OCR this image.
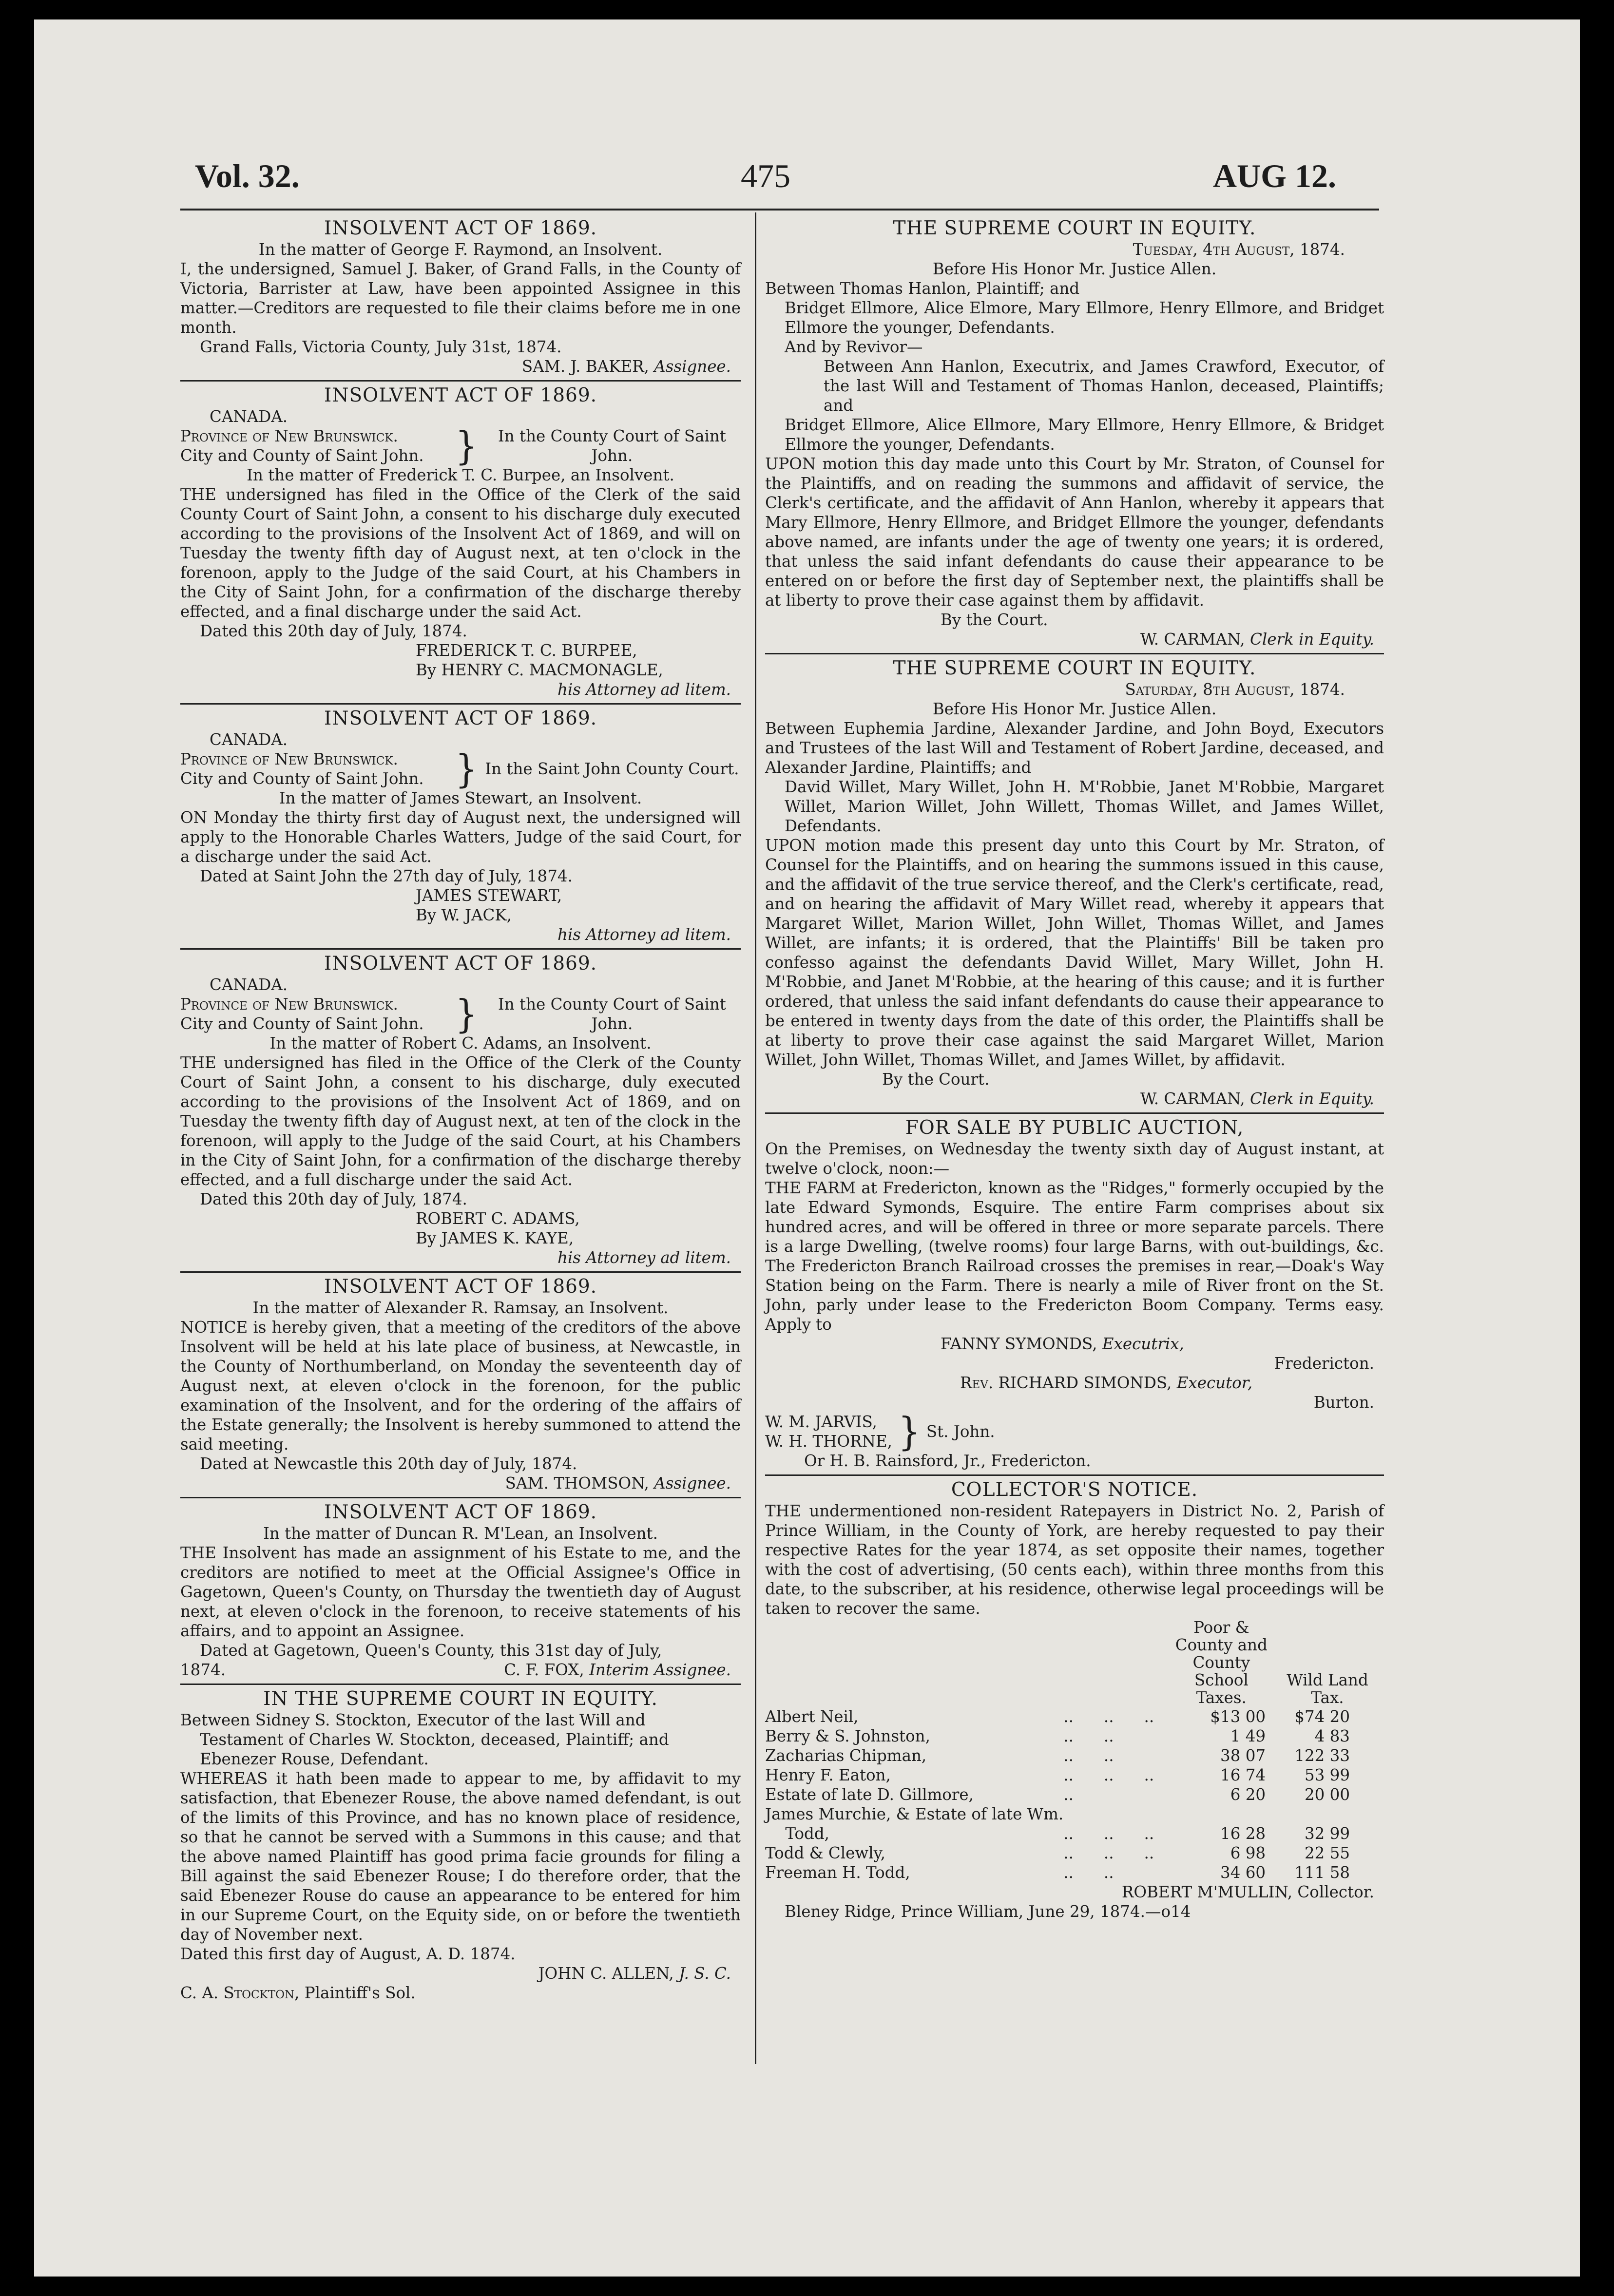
Vol. 32.	475	AUG 12.
INSOLVENT ACT OF 1869.
In the matter of George F. Raymond, an Insolvent.

I, the undersigned, Samuel J. Baker, of Grand Falls, in the County of Victoria, Barrister at Law, have been appointed Assignee in this matter.—Creditors are requested to file their claims before me in one month.

Grand Falls, Victoria County, July 31st, 1874.
SAM. J. BAKER, Assignee.
INSOLVENT ACT OF 1869.
CANADA.
Province of New Brunswick.
City and County of Saint John. }	In the County Court of Saint John.
In the matter of Frederick T. C. Burpee, an Insolvent.

THE undersigned has filed in the Office of the Clerk of the said County Court of Saint John, a consent to his discharge duly executed according to the provisions of the Insolvent Act of 1869, and will on Tuesday the twenty fifth day of August next, at ten o'clock in the forenoon, apply to the Judge of the said Court, at his Chambers in the City of Saint John, for a confirmation of the discharge thereby effected, and a final discharge under the said Act.

Dated this 20th day of July, 1874.
FREDERICK T. C. BURPEE,
By HENRY C. MACMONAGLE,
his Attorney ad litem.
INSOLVENT ACT OF 1869.
CANADA.
Province of New Brunswick.
City and County of Saint John. } In the Saint John County Court.
In the matter of James Stewart, an Insolvent.

ON Monday the thirty first day of August next, the undersigned will apply to the Honorable Charles Watters, Judge of the said Court, for a discharge under the said Act.

Dated at Saint John the 27th day of July, 1874.
JAMES STEWART,
By W. JACK,
his Attorney ad litem.
INSOLVENT ACT OF 1869.
CANADA.
Province of New Brunswick.
City and County of Saint John. }	In the County Court of Saint John.
In the matter of Robert C. Adams, an Insolvent.

THE undersigned has filed in the Office of the Clerk of the County Court of Saint John, a consent to his discharge, duly executed according to the provisions of the Insolvent Act of 1869, and on Tuesday the twenty fifth day of August next, at ten of the clock in the forenoon, will apply to the Judge of the said Court, at his Chambers in the City of Saint John, for a confirmation of the discharge thereby effected, and a full discharge under the said Act.

Dated this 20th day of July, 1874.
ROBERT C. ADAMS,
By JAMES K. KAYE,
his Attorney ad litem.
INSOLVENT ACT OF 1869.
In the matter of Alexander R. Ramsay, an Insolvent.

NOTICE is hereby given, that a meeting of the creditors of the above Insolvent will be held at his late place of business, at Newcastle, in the County of Northumberland, on Monday the seventeenth day of August next, at eleven o'clock in the forenoon, for the public examination of the Insolvent, and for the ordering of the affairs of the Estate generally; the Insolvent is hereby summoned to attend the said meeting.

Dated at Newcastle this 20th day of July, 1874.
SAM. THOMSON, Assignee.
INSOLVENT ACT OF 1869.
In the matter of Duncan R. M'Lean, an Insolvent.

THE Insolvent has made an assignment of his Estate to me, and the creditors are notified to meet at the Official Assignee's Office in Gagetown, Queen's County, on Thursday the twentieth day of August next, at eleven o'clock in the forenoon, to receive statements of his affairs, and to appoint an Assignee.

Dated at Gagetown, Queen's County, this 31st day of July,
1874.	C. F. FOX, Interim Assignee.
IN THE SUPREME COURT IN EQUITY.
Between Sidney S. Stockton, Executor of the last Will and
Testament of Charles W. Stockton, deceased, Plaintiff; and
Ebenezer Rouse, Defendant.

WHEREAS it hath been made to appear to me, by affidavit to my satisfaction, that Ebenezer Rouse, the above named defendant, is out of the limits of this Province, and has no known place of residence, so that he cannot be served with a Summons in this cause; and that the above named Plaintiff has good prima facie grounds for filing a Bill against the said Ebenezer Rouse; I do therefore order, that the said Ebenezer Rouse do cause an appearance to be entered for him in our Supreme Court, on the Equity side, on or before the twentieth day of November next.

Dated this first day of August, A. D. 1874.
JOHN C. ALLEN, J. S. C.
C. A. Stockton, Plaintiff's Sol.
THE SUPREME COURT IN EQUITY.
Tuesday, 4th August, 1874.
Before His Honor Mr. Justice Allen.
Between Thomas Hanlon, Plaintiff; and

Bridget Ellmore, Alice Elmore, Mary Ellmore, Henry Ellmore, and Bridget Ellmore the younger, Defendants.

And by Revivor—

Between Ann Hanlon, Executrix, and James Crawford, Executor, of the last Will and Testament of Thomas Hanlon, deceased, Plaintiffs; and

Bridget Ellmore, Alice Ellmore, Mary Ellmore, Henry Ellmore, & Bridget Ellmore the younger, Defendants.

UPON motion this day made unto this Court by Mr. Straton, of Counsel for the Plaintiffs, and on reading the summons and affidavit of service, the Clerk's certificate, and the affidavit of Ann Hanlon, whereby it appears that Mary Ellmore, Henry Ellmore, and Bridget Ellmore the younger, defendants above named, are infants under the age of twenty one years; it is ordered, that unless the said infant defendants do cause their appearance to be entered on or before the first day of September next, the plaintiffs shall be at liberty to prove their case against them by affidavit.

By the Court.
W. CARMAN, Clerk in Equity.
THE SUPREME COURT IN EQUITY.
Saturday, 8th August, 1874.
Before His Honor Mr. Justice Allen.

Between Euphemia Jardine, Alexander Jardine, and John Boyd, Executors and Trustees of the last Will and Testament of Robert Jardine, deceased, and Alexander Jardine, Plaintiffs; and

David Willet, Mary Willet, John H. M'Robbie, Janet M'Robbie, Margaret Willet, Marion Willet, John Willett, Thomas Willet, and James Willet, Defendants.

UPON motion made this present day unto this Court by Mr. Straton, of Counsel for the Plaintiffs, and on hearing the summons issued in this cause, and the affidavit of the true service thereof, and the Clerk's certificate, read, and on hearing the affidavit of Mary Willet read, whereby it appears that Margaret Willet, Marion Willet, John Willet, Thomas Willet, and James Willet, are infants; it is ordered, that the Plaintiffs' Bill be taken pro confesso against the defendants David Willet, Mary Willet, John H. M'Robbie, and Janet M'Robbie, at the hearing of this cause; and it is further ordered, that unless the said infant defendants do cause their appearance to be entered in twenty days from the date of this order, the Plaintiffs shall be at liberty to prove their case against the said Margaret Willet, Marion Willet, John Willet, Thomas Willet, and James Willet, by affidavit.

By the Court.
W. CARMAN, Clerk in Equity.
FOR SALE BY PUBLIC AUCTION,

On the Premises, on Wednesday the twenty sixth day of August instant, at twelve o'clock, noon:—

THE FARM at Fredericton, known as the "Ridges," formerly occupied by the late Edward Symonds, Esquire. The entire Farm comprises about six hundred acres, and will be offered in three or more separate parcels. There is a large Dwelling, (twelve rooms) four large Barns, with out-buildings, &c. The Fredericton Branch Railroad crosses the premises in rear,—Doak's Way Station being on the Farm. There is nearly a mile of River front on the St. John, parly under lease to the Fredericton Boom Company. Terms easy. Apply to

FANNY SYMONDS, Executrix,
Fredericton.
Rev. RICHARD SIMONDS, Executor,
Burton.
W. M. JARVIS,
W. H. THORNE, } St. John.
Or H. B. Rainsford, Jr., Fredericton.
COLLECTOR'S NOTICE.

THE undermentioned non-resident Ratepayers in District No. 2, Parish of Prince William, in the County of York, are hereby requested to pay their respective Rates for the year 1874, as set opposite their names, together with the cost of advertising, (50 cents each), within three months from this date, to the subscriber, at his residence, otherwise legal proceedings will be taken to recover the same.

		Poor & County and County School Taxes.	Wild Land Tax.
Albert Neil,	..      ..      ..	$13 00	$74 20
Berry & S. Johnston,	..      ..	1 49	4 83
Zacharias Chipman,	..      ..	38 07	122 33
Henry F. Eaton,	..      ..      ..	16 74	53 99
Estate of late D. Gillmore,	..	6 20	20 00
James Murchie, & Estate of late Wm.			
Todd,	..      ..      ..	16 28	32 99
Todd & Clewly,	..      ..      ..	6 98	22 55
Freeman H. Todd,	..      ..	34 60	111 58
ROBERT M'MULLIN, Collector.
Bleney Ridge, Prince William, June 29, 1874.—o14
